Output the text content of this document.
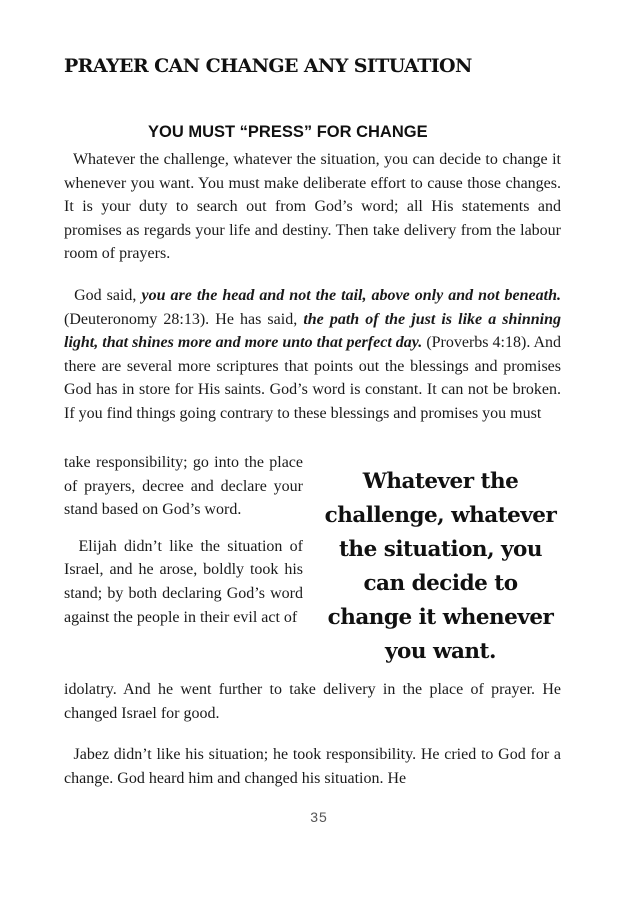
PRAYER CAN CHANGE ANY SITUATION
YOU MUST “PRESS” FOR CHANGE

Whatever the challenge, whatever the situation, you can decide to change it whenever you want. You must make deliberate effort to cause those changes. It is your duty to search out from God’s word; all His statements and promises as regards your life and destiny. Then take delivery from the labour room of prayers.

God said, you are the head and not the tail, above only and not beneath. (Deuteronomy 28:13). He has said, the path of the just is like a shinning light, that shines more and more unto that perfect day. (Proverbs 4:18). And there are several more scriptures that points out the blessings and promises God has in store for His saints. God’s word is constant. It can not be broken. If you find things going contrary to these blessings and promises you must

take responsibility; go into the place of prayers, decree and declare your stand based on God’s word.

Elijah didn’t like the situation of Israel, and he arose, boldly took his stand; by both declaring God’s word against the people in their evil act of

Whatever the challenge, whatever the situation, you can decide to change it whenever you want.

idolatry. And he went further to take delivery in the place of prayer. He changed Israel for good.

Jabez didn’t like his situation; he took responsibility. He cried to God for a change. God heard him and changed his situation. He

35
